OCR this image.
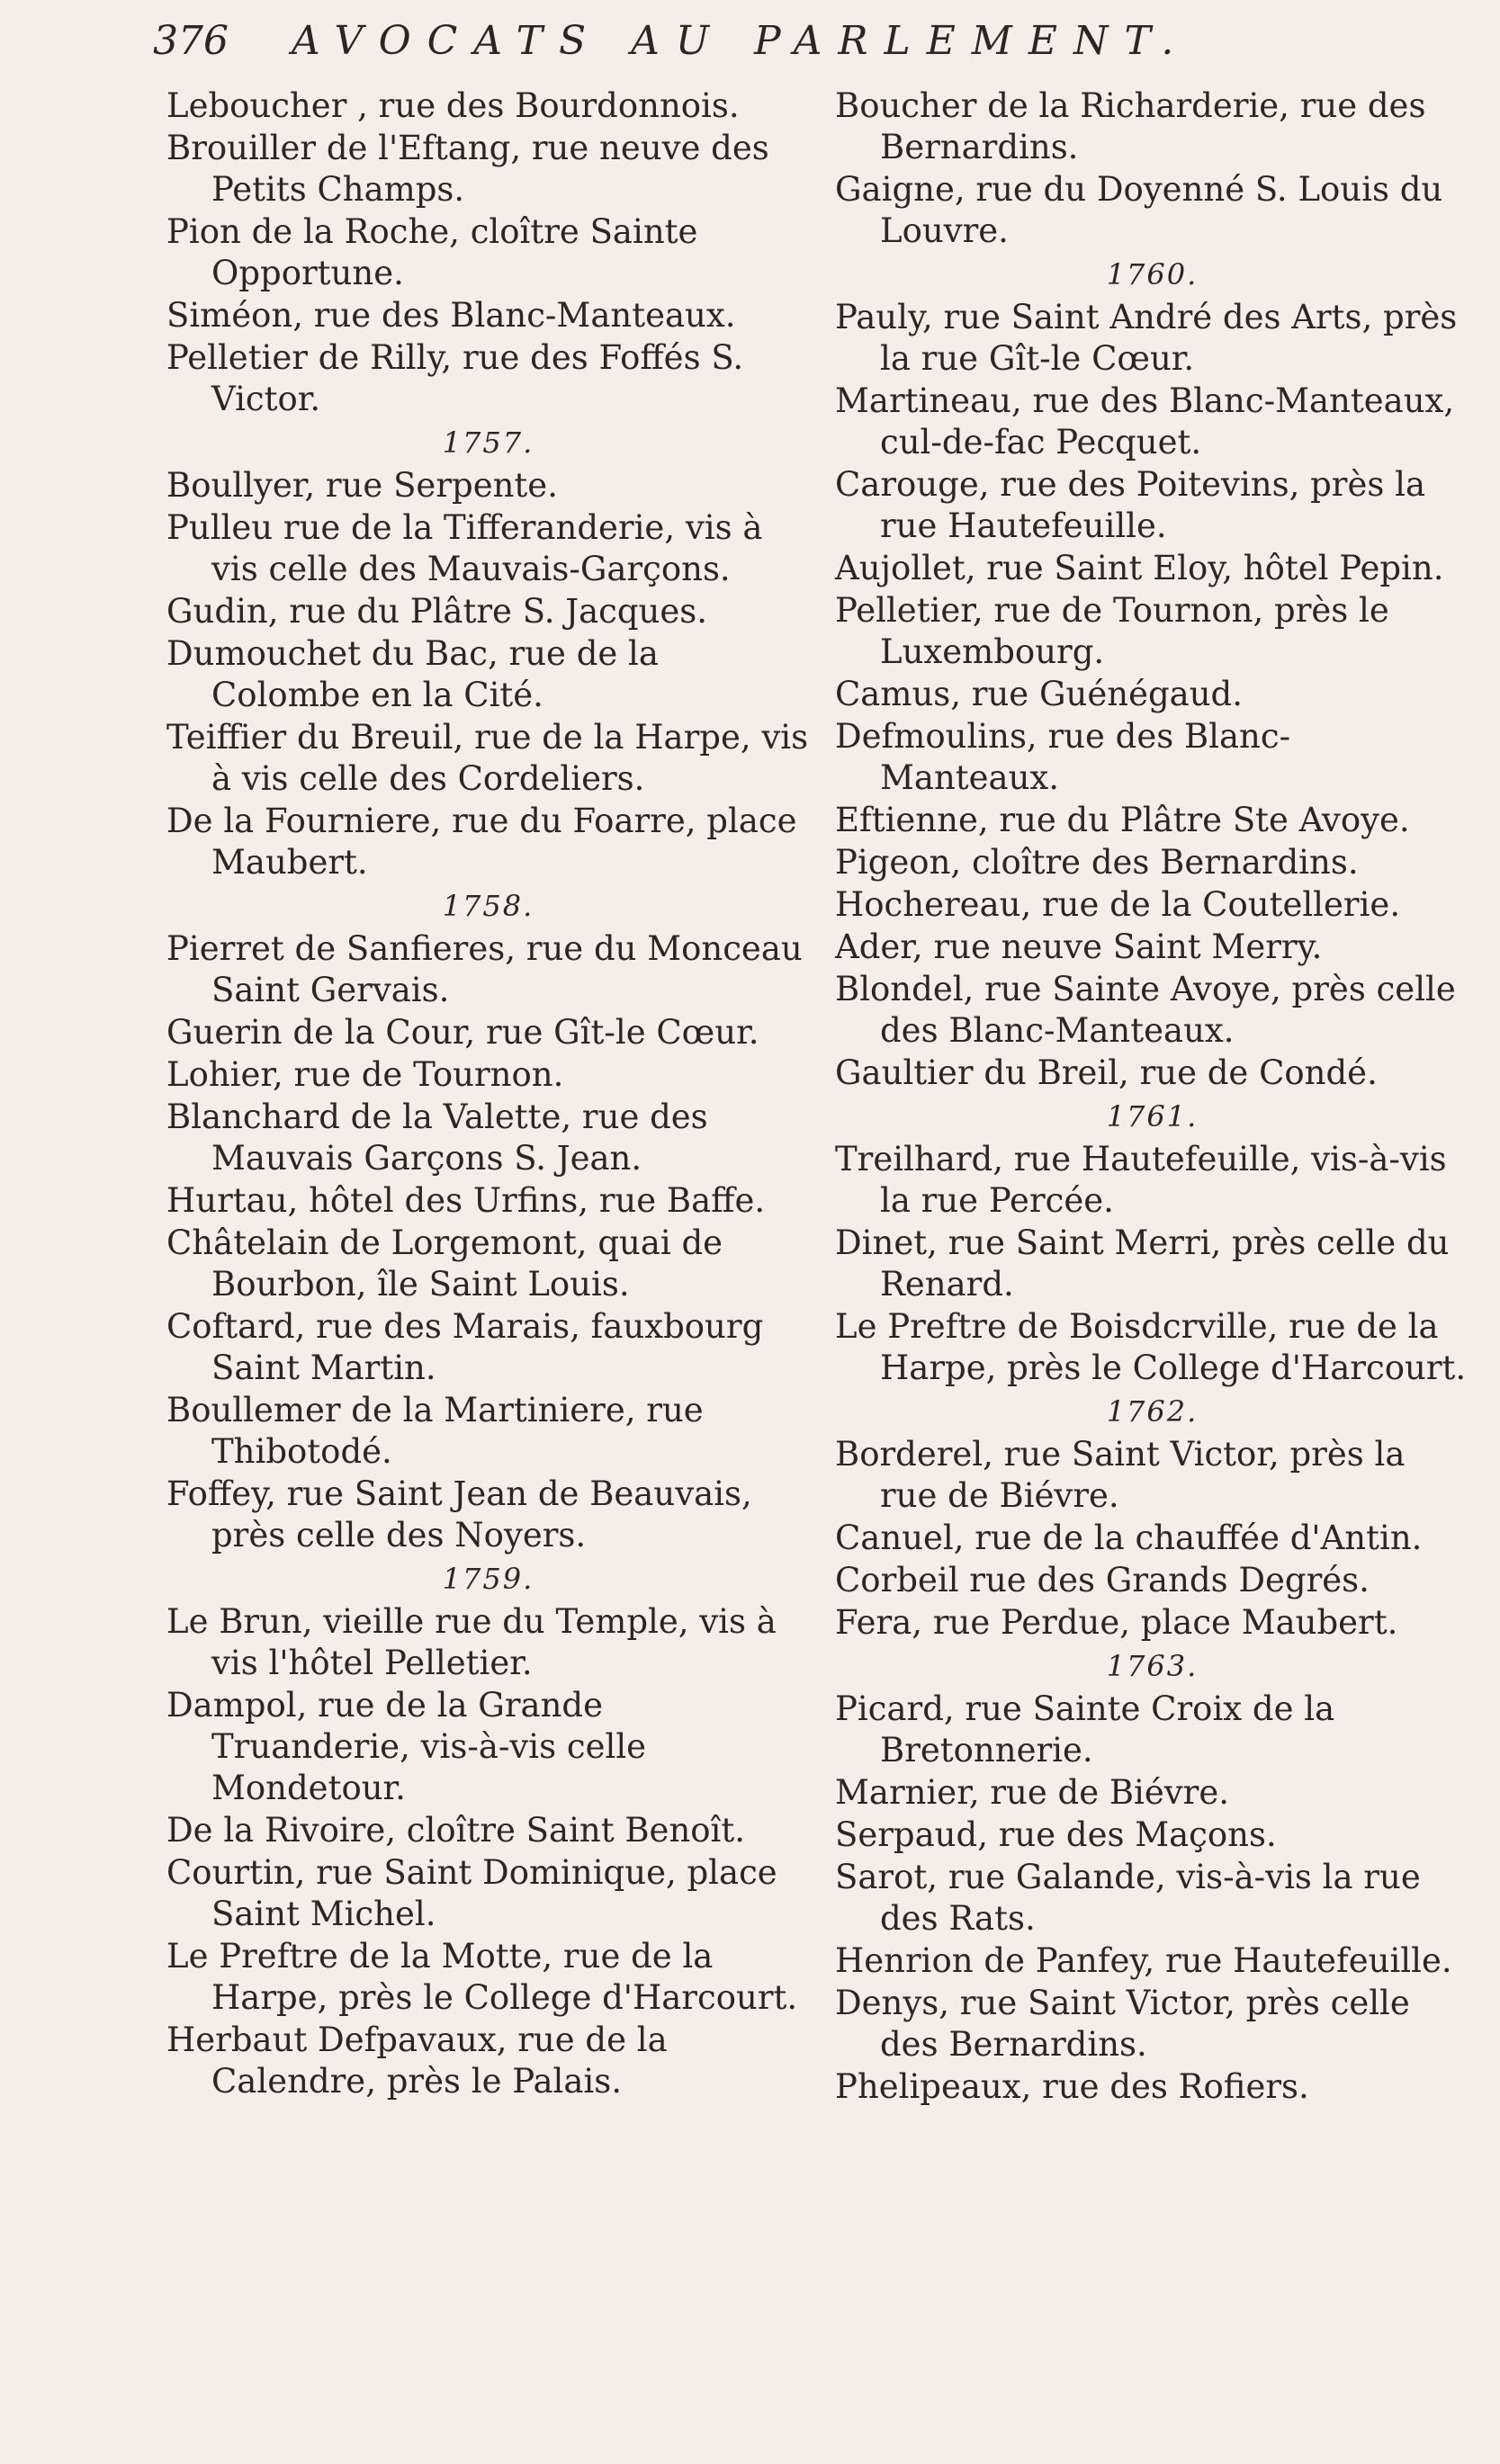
376 AVOCATS AU PARLEMENT.
Leboucher , rue des Bourdonnois.
Brouiller de l'Eftang, rue neuve des Petits Champs.
Pion de la Roche, cloître Sainte Opportune.
Siméon, rue des Blanc-Manteaux.
Pelletier de Rilly, rue des Foffés S. Victor.
1757.
Boullyer, rue Serpente.
Pulleu rue de la Tifferanderie, vis à vis celle des Mauvais-Garçons.
Gudin, rue du Plâtre S. Jacques.
Dumouchet du Bac, rue de la Colombe en la Cité.
Teiffier du Breuil, rue de la Harpe, vis à vis celle des Cordeliers.
De la Fourniere, rue du Foarre, place Maubert.
1758.
Pierret de Sanfieres, rue du Monceau Saint Gervais.
Guerin de la Cour, rue Gît-le Cœur.
Lohier, rue de Tournon.
Blanchard de la Valette, rue des Mauvais Garçons S. Jean.
Hurtau, hôtel des Urfins, rue Baffe.
Châtelain de Lorgemont, quai de Bourbon, île Saint Louis.
Coftard, rue des Marais, fauxbourg Saint Martin.
Boullemer de la Martiniere, rue Thibotodé.
Foffey, rue Saint Jean de Beauvais, près celle des Noyers.
1759.
Le Brun, vieille rue du Temple, vis à vis l'hôtel Pelletier.
Dampol, rue de la Grande Truanderie, vis-à-vis celle Mondetour.
De la Rivoire, cloître Saint Benoît.
Courtin, rue Saint Dominique, place Saint Michel.
Le Preftre de la Motte, rue de la Harpe, près le College d'Harcourt.
Herbaut Defpavaux, rue de la Calendre, près le Palais.
Boucher de la Richarderie, rue des Bernardins.
Gaigne, rue du Doyenné S. Louis du Louvre.
1760.
Pauly, rue Saint André des Arts, près la rue Gît-le Cœur.
Martineau, rue des Blanc-Manteaux, cul-de-fac Pecquet.
Carouge, rue des Poitevins, près la rue Hautefeuille.
Aujollet, rue Saint Eloy, hôtel Pepin.
Pelletier, rue de Tournon, près le Luxembourg.
Camus, rue Guénégaud.
Defmoulins, rue des Blanc-Manteaux.
Eftienne, rue du Plâtre Ste Avoye.
Pigeon, cloître des Bernardins.
Hochereau, rue de la Coutellerie.
Ader, rue neuve Saint Merry.
Blondel, rue Sainte Avoye, près celle des Blanc-Manteaux.
Gaultier du Breil, rue de Condé.
1761.
Treilhard, rue Hautefeuille, vis-à-vis la rue Percée.
Dinet, rue Saint Merri, près celle du Renard.
Le Preftre de Boisdcrville, rue de la Harpe, près le College d'Harcourt.
1762.
Borderel, rue Saint Victor, près la rue de Biévre.
Canuel, rue de la chauffée d'Antin.
Corbeil rue des Grands Degrés.
Fera, rue Perdue, place Maubert.
1763.
Picard, rue Sainte Croix de la Bretonnerie.
Marnier, rue de Biévre.
Serpaud, rue des Maçons.
Sarot, rue Galande, vis-à-vis la rue des Rats.
Henrion de Panfey, rue Hautefeuille.
Denys, rue Saint Victor, près celle des Bernardins.
Phelipeaux, rue des Rofiers.
